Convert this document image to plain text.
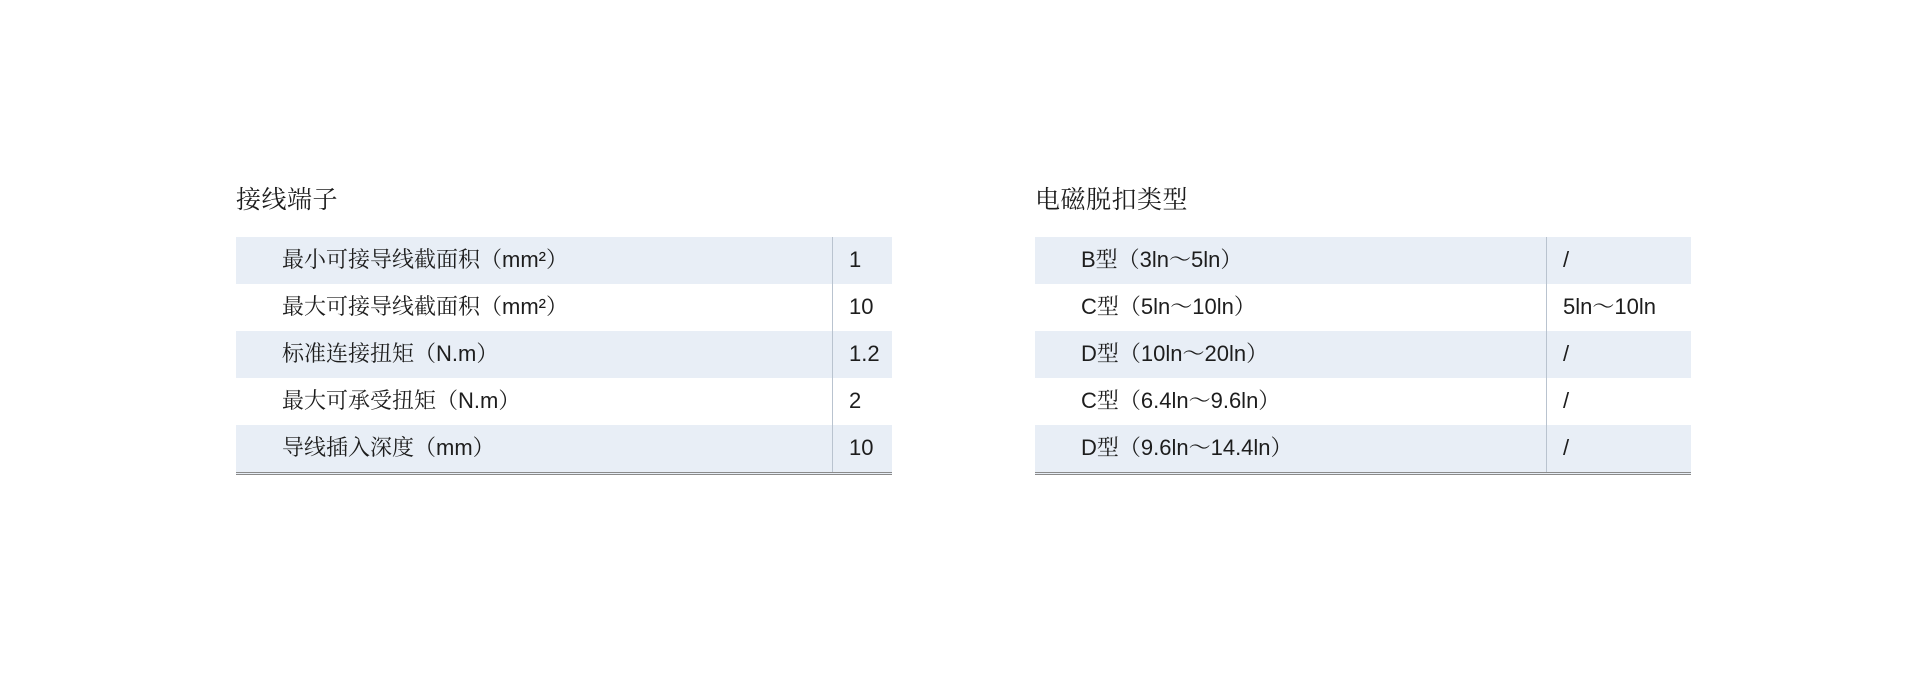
接线端子
最小可接导线截面积（mm²）	1
最大可接导线截面积（mm²）	10
标准连接扭矩（N.m）	1.2
最大可承受扭矩（N.m）	2
导线插入深度（mm）	10
电磁脱扣类型
B型（3ln～5ln）	/
C型（5ln～10ln）	5ln～10ln
D型（10ln～20ln）	/
C型（6.4ln～9.6ln）	/
D型（9.6ln～14.4ln）	/
